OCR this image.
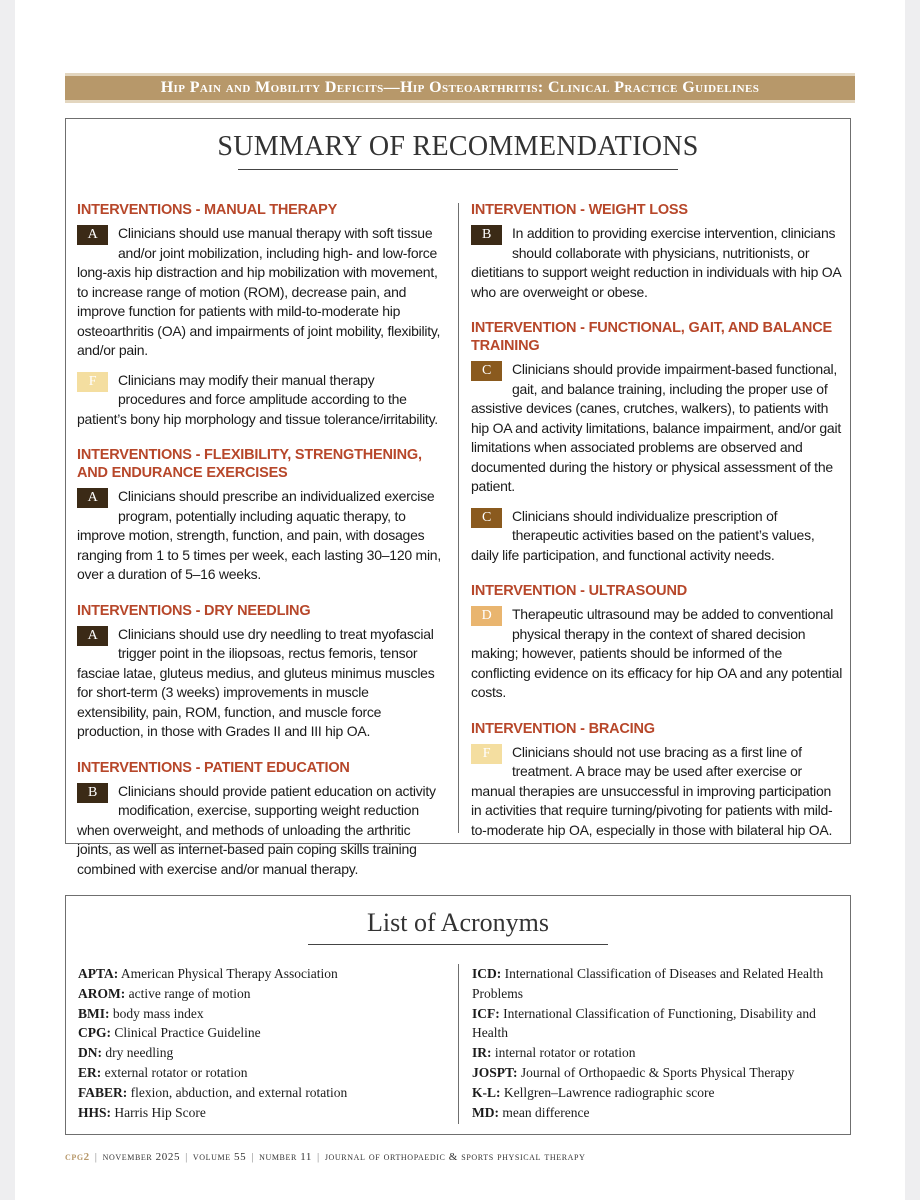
Hip Pain and Mobility Deficits—Hip Osteoarthritis: Clinical Practice Guidelines
SUMMARY OF RECOMMENDATIONS
INTERVENTIONS - MANUAL THERAPY
A	Clinicians should use manual therapy with soft tissue and/or joint mobilization, including high- and low-force long-axis hip distraction and hip mobilization with movement, to increase range of motion (ROM), decrease pain, and improve function for patients with mild-to-moderate hip osteoarthritis (OA) and impairments of joint mobility, flexibility, and/or pain.
F	Clinicians may modify their manual therapy procedures and force amplitude according to the patient’s bony hip morphology and tissue tolerance/irritability.
INTERVENTIONS - FLEXIBILITY, STRENGTHENING, AND ENDURANCE EXERCISES
A	Clinicians should prescribe an individualized exercise program, potentially including aquatic therapy, to improve motion, strength, function, and pain, with dosages ranging from 1 to 5 times per week, each lasting 30–120 min, over a duration of 5–16 weeks.
INTERVENTIONS - DRY NEEDLING
A	Clinicians should use dry needling to treat myofascial trigger point in the iliopsoas, rectus femoris, tensor fasciae latae, gluteus medius, and gluteus minimus muscles for short-term (3 weeks) improvements in muscle extensibility, pain, ROM, function, and muscle force production, in those with Grades II and III hip OA.
INTERVENTIONS - PATIENT EDUCATION
B	Clinicians should provide patient education on activity modification, exercise, supporting weight reduction when overweight, and methods of unloading the arthritic joints, as well as internet-based pain coping skills training combined with exercise and/or manual therapy.
INTERVENTION - WEIGHT LOSS
B	In addition to providing exercise intervention, clinicians should collaborate with physicians, nutritionists, or dietitians to support weight reduction in individuals with hip OA who are overweight or obese.
INTERVENTION - FUNCTIONAL, GAIT, AND BALANCE TRAINING
C	Clinicians should provide impairment-based functional, gait, and balance training, including the proper use of assistive devices (canes, crutches, walkers), to patients with hip OA and activity limitations, balance impairment, and/or gait limitations when associated problems are observed and documented during the history or physical assessment of the patient.
C	Clinicians should individualize prescription of therapeutic activities based on the patient’s values, daily life participation, and functional activity needs.
INTERVENTION - ULTRASOUND
D	Therapeutic ultrasound may be added to conventional physical therapy in the context of shared decision making; however, patients should be informed of the conflicting evidence on its efficacy for hip OA and any potential costs.
INTERVENTION - BRACING
F	Clinicians should not use bracing as a first line of treatment. A brace may be used after exercise or manual therapies are unsuccessful in improving participation in activities that require turning/pivoting for patients with mild-to-moderate hip OA, especially in those with bilateral hip OA.
List of Acronyms
APTA: American Physical Therapy Association
AROM: active range of motion
BMI: body mass index
CPG: Clinical Practice Guideline
DN: dry needling
ER: external rotator or rotation
FABER: flexion, abduction, and external rotation
HHS: Harris Hip Score
ICD: International Classification of Diseases and Related Health Problems
ICF: International Classification of Functioning, Disability and Health
IR: internal rotator or rotation
JOSPT: Journal of Orthopaedic & Sports Physical Therapy
K-L: Kellgren–Lawrence radiographic score
MD: mean difference
cpg2 | november 2025 | volume 55 | number 11 | journal of orthopaedic & sports physical therapy
